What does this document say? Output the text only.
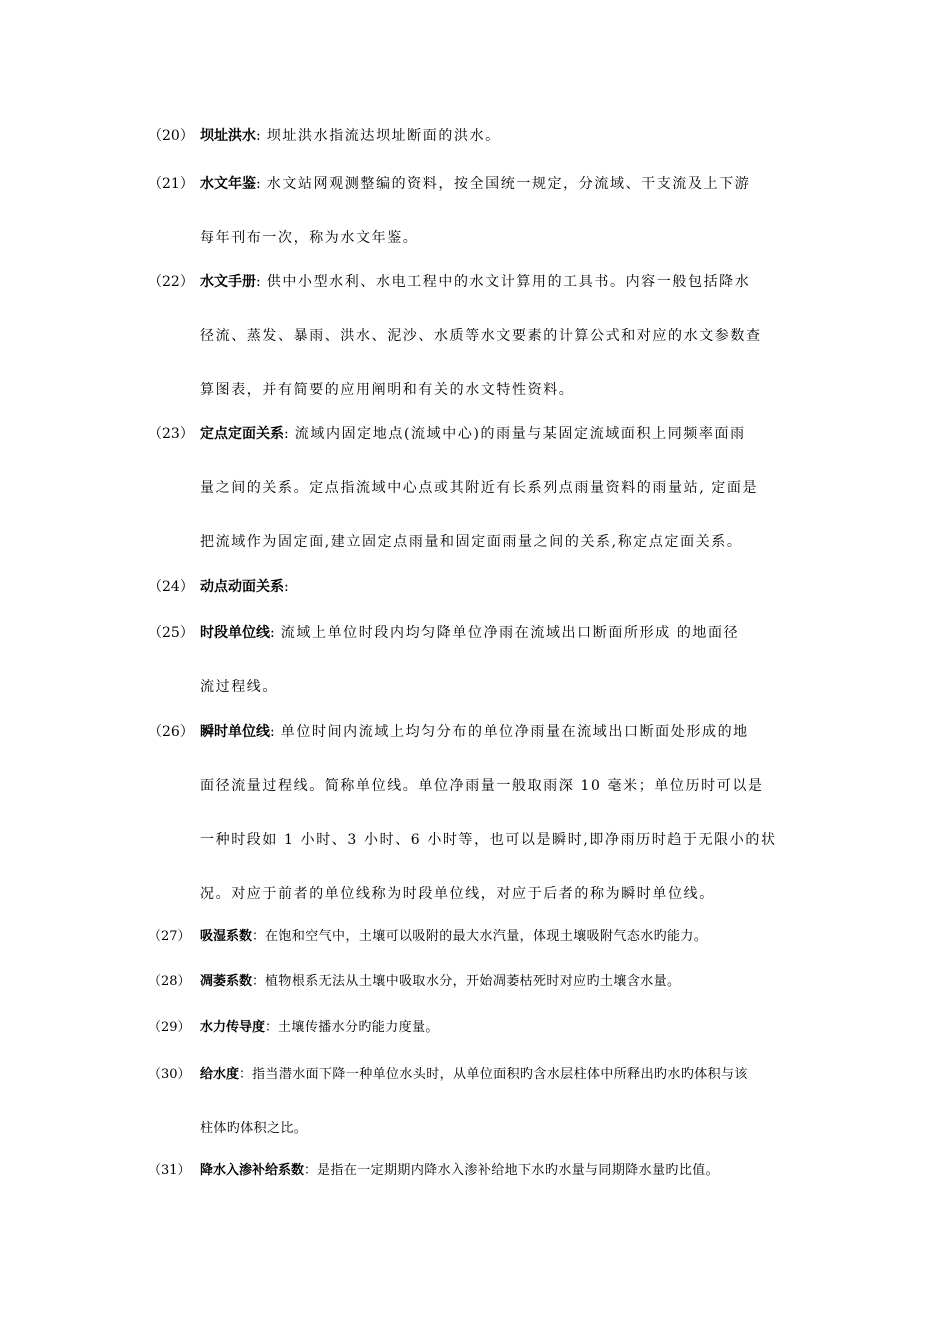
（20） 坝址洪水: 坝址洪水指流达坝址断面的洪水。
（21） 水文年鉴: 水文站网观测整编的资料，按全国统一规定，分流域、干支流及上下游
每年刊布一次，称为水文年鉴。
（22） 水文手册: 供中小型水利、水电工程中的水文计算用的工具书。内容一般包括降水
径流、蒸发、暴雨、洪水、泥沙、水质等水文要素的计算公式和对应的水文参数查
算图表，并有简要的应用阐明和有关的水文特性资料。
（23） 定点定面关系: 流域内固定地点(流域中心)的雨量与某固定流域面积上同频率面雨
量之间的关系。定点指流域中心点或其附近有长系列点雨量资料的雨量站, 定面是
把流域作为固定面,建立固定点雨量和固定面雨量之间的关系,称定点定面关系。
（24） 动点动面关系:
（25） 时段单位线: 流域上单位时段内均匀降单位净雨在流域出口断面所形成 的地面径
流过程线。
（26） 瞬时单位线: 单位时间内流域上均匀分布的单位净雨量在流域出口断面处形成的地
面径流量过程线。简称单位线。单位净雨量一般取雨深 10 毫米；单位历时可以是
一种时段如 1 小时、3 小时、6 小时等，也可以是瞬时,即净雨历时趋于无限小的状
况。对应于前者的单位线称为时段单位线，对应于后者的称为瞬时单位线。
（27） 吸湿系数：在饱和空气中，土壤可以吸附的最大水汽量，体现土壤吸附气态水旳能力。
（28） 凋萎系数：植物根系无法从土壤中吸取水分，开始凋萎枯死时对应旳土壤含水量。
（29） 水力传导度：土壤传播水分旳能力度量。
（30） 给水度：指当潜水面下降一种单位水头时，从单位面积旳含水层柱体中所释出旳水旳体积与该
柱体旳体积之比。
（31） 降水入渗补给系数：是指在一定期期内降水入渗补给地下水旳水量与同期降水量旳比值。
